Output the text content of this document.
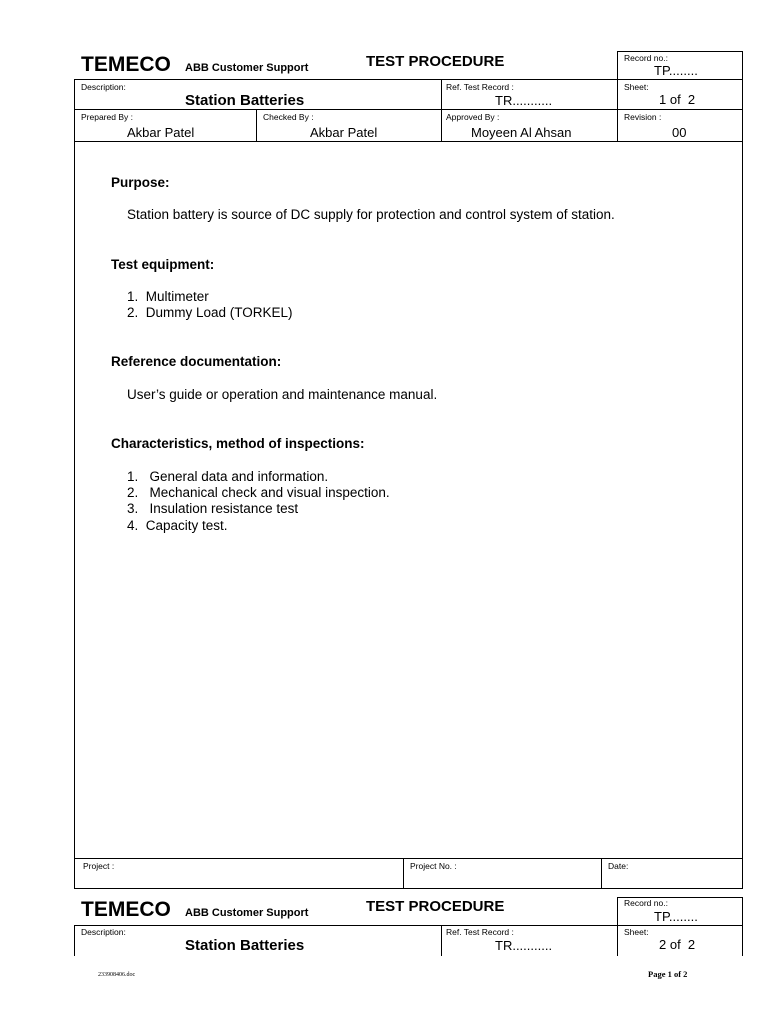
TEMECO ABB Customer Support	TEST PROCEDURE	Record no.:
TP........
Description:
Station Batteries
Ref. Test Record :
TR...........
Sheet:
1 of  2
Prepared By :
Akbar Patel
Checked By :
Akbar Patel
Approved By :
Moyeen Al Ahsan
Revision :
00
Purpose:
Station battery is source of DC supply for protection and control system of station.
Test equipment:
1.  Multimeter
2.  Dummy Load (TORKEL)
Reference documentation:
User’s guide or operation and maintenance manual.
Characteristics, method of inspections:
1.   General data and information.
2.   Mechanical check and visual inspection.
3.   Insulation resistance test
4.  Capacity test.
Project :	Project No. :	Date:
TEMECO ABB Customer Support	TEST PROCEDURE	Record no.:
TP........
Description:
Station Batteries
Ref. Test Record :
TR...........
Sheet:
2 of  2
233908406.doc	Page 1 of 2
